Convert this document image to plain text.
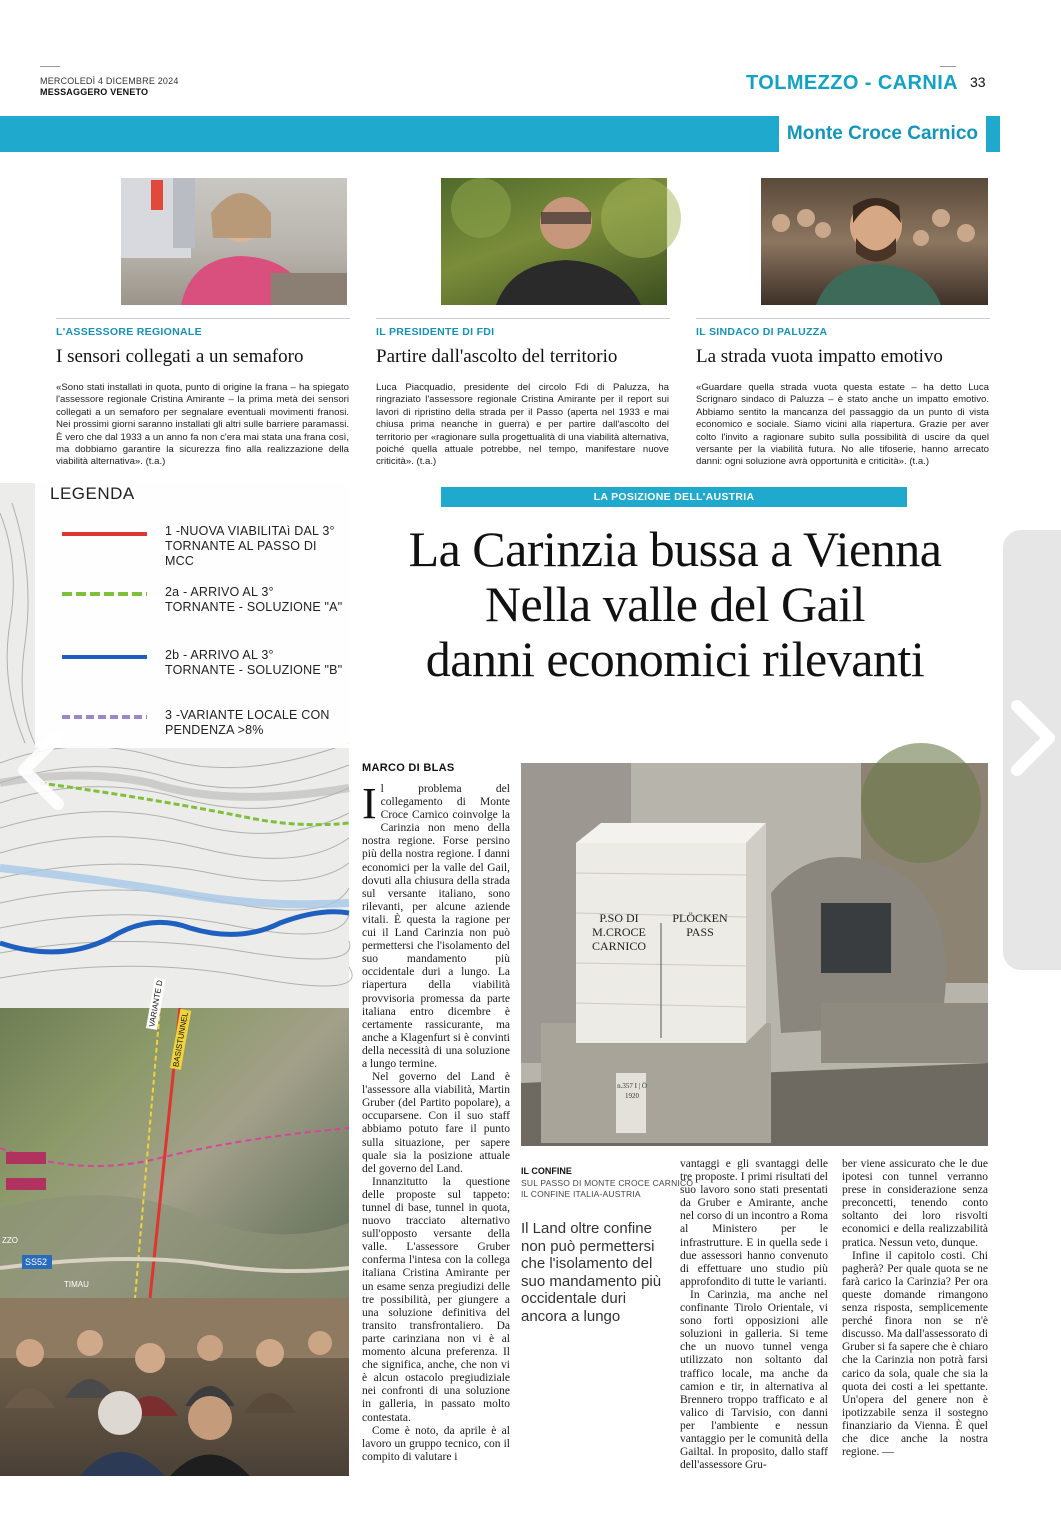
MERCOLEDÌ 4 DICEMBRE 2024
MESSAGGERO VENETO	TOLMEZZO - CARNIA 33
Monte Croce Carnico
L'ASSESSORE REGIONALE
I sensori collegati a un semaforo
«Sono stati installati in quota, punto di origine la frana – ha spiegato l'assessore regionale Cristina Amirante – la prima metà dei sensori collegati a un semaforo per segnalare eventuali movimenti franosi. Nei prossimi giorni saranno installati gli altri sulle barriere paramassi. È vero che dal 1933 a un anno fa non c'era mai stata una frana così, ma dobbiamo garantire la sicurezza fino alla realizzazione della viabilità alternativa». (t.a.)
IL PRESIDENTE DI FDI
Partire dall'ascolto del territorio
Luca Piacquadio, presidente del circolo Fdi di Paluzza, ha ringraziato l'assessore regionale Cristina Amirante per il report sui lavori di ripristino della strada per il Passo (aperta nel 1933 e mai chiusa prima neanche in guerra) e per partire dall'ascolto del territorio per «ragionare sulla progettualità di una viabilità alternativa, poiché quella attuale potrebbe, nel tempo, manifestare nuove criticità». (t.a.)
IL SINDACO DI PALUZZA
La strada vuota impatto emotivo
«Guardare quella strada vuota questa estate – ha detto Luca Scrignaro sindaco di Paluzza – è stato anche un impatto emotivo. Abbiamo sentito la mancanza del passaggio da un punto di vista economico e sociale. Siamo vicini alla riapertura. Grazie per aver colto l'invito a ragionare subito sulla possibilità di uscire da quel versante per la viabilità futura. No alle tifoserie, hanno arrecato danni: ogni soluzione avrà opportunità e criticità». (t.a.)
LEGENDA
1 -NUOVA VIABILITAì DAL 3° TORNANTE AL PASSO DI MCC
2a - ARRIVO AL 3° TORNANTE - SOLUZIONE "A"
2b - ARRIVO AL 3° TORNANTE - SOLUZIONE "B"
3 -VARIANTE LOCALE CON PENDENZA >8%
VARIANTE D
BASISTUNNEL
SS52
TIMAU
ZZO
LA POSIZIONE DELL'AUSTRIA
La Carinzia bussa a Vienna
Nella valle del Gail
danni economici rilevanti
MARCO DI BLAS

Il problema del collegamento di Monte Croce Carnico coinvolge la Carinzia non meno della nostra regione. Forse persino più della nostra regione. I danni economici per la valle del Gail, dovuti alla chiusura della strada sul versante italiano, sono rilevanti, per alcune aziende vitali. È questa la ragione per cui il Land Carinzia non può permettersi che l'isolamento del suo mandamento più occidentale duri a lungo. La riapertura della viabilità provvisoria promessa da parte italiana entro dicembre è certamente rassicurante, ma anche a Klagenfurt si è convinti della necessità di una soluzione a lungo termine.

Nel governo del Land è l'assessore alla viabilità, Martin Gruber (del Partito popolare), a occuparsene. Con il suo staff abbiamo potuto fare il punto sulla situazione, per sapere quale sia la posizione attuale del governo del Land.

Innanzitutto la questione delle proposte sul tappeto: tunnel di base, tunnel in quota, nuovo tracciato alternativo sull'opposto versante della valle. L'assessore Gruber conferma l'intesa con la collega italiana Cristina Amirante per un esame senza pregiudizi delle tre possibilità, per giungere a una soluzione definitiva del transito transfrontaliero. Da parte carinziana non vi è al momento alcuna preferenza. Il che significa, anche, che non vi è alcun ostacolo pregiudiziale nei confronti di una soluzione in galleria, in passato molto contestata.

Come è noto, da aprile è al lavoro un gruppo tecnico, con il compito di valutare i

P.SO DI M.CROCE CARNICO
PLÖCKEN PASS
n.357 I | Ö 1920
IL CONFINE
SUL PASSO DI MONTE CROCE CARNICO
IL CONFINE ITALIA-AUSTRIA
Il Land oltre confine non può permettersi che l'isolamento del suo mandamento più occidentale duri ancora a lungo

vantaggi e gli svantaggi delle tre proposte. I primi risultati del suo lavoro sono stati presentati da Gruber e Amirante, anche nel corso di un incontro a Roma al Ministero per le infrastrutture. E in quella sede i due assessori hanno convenuto di effettuare uno studio più approfondito di tutte le varianti.

In Carinzia, ma anche nel confinante Tirolo Orientale, vi sono forti opposizioni alle soluzioni in galleria. Si teme che un nuovo tunnel venga utilizzato non soltanto dal traffico locale, ma anche da camion e tir, in alternativa al Brennero troppo trafficato e al valico di Tarvisio, con danni per l'ambiente e nessun vantaggio per le comunità della Gailtal. In proposito, dallo staff dell'assessore Gru-

ber viene assicurato che le due ipotesi con tunnel verranno prese in considerazione senza preconcetti, tenendo conto soltanto dei loro risvolti economici e della realizzabilità pratica. Nessun veto, dunque.

Infine il capitolo costi. Chi pagherà? Per quale quota se ne farà carico la Carinzia? Per ora queste domande rimangono senza risposta, semplicemente perché finora non se n'è discusso. Ma dall'assessorato di Gruber si fa sapere che è chiaro che la Carinzia non potrà farsi carico da sola, quale che sia la quota dei costi a lei spettante. Un'opera del genere non è ipotizzabile senza il sostegno finanziario da Vienna. È quel che dice anche la nostra regione. —
